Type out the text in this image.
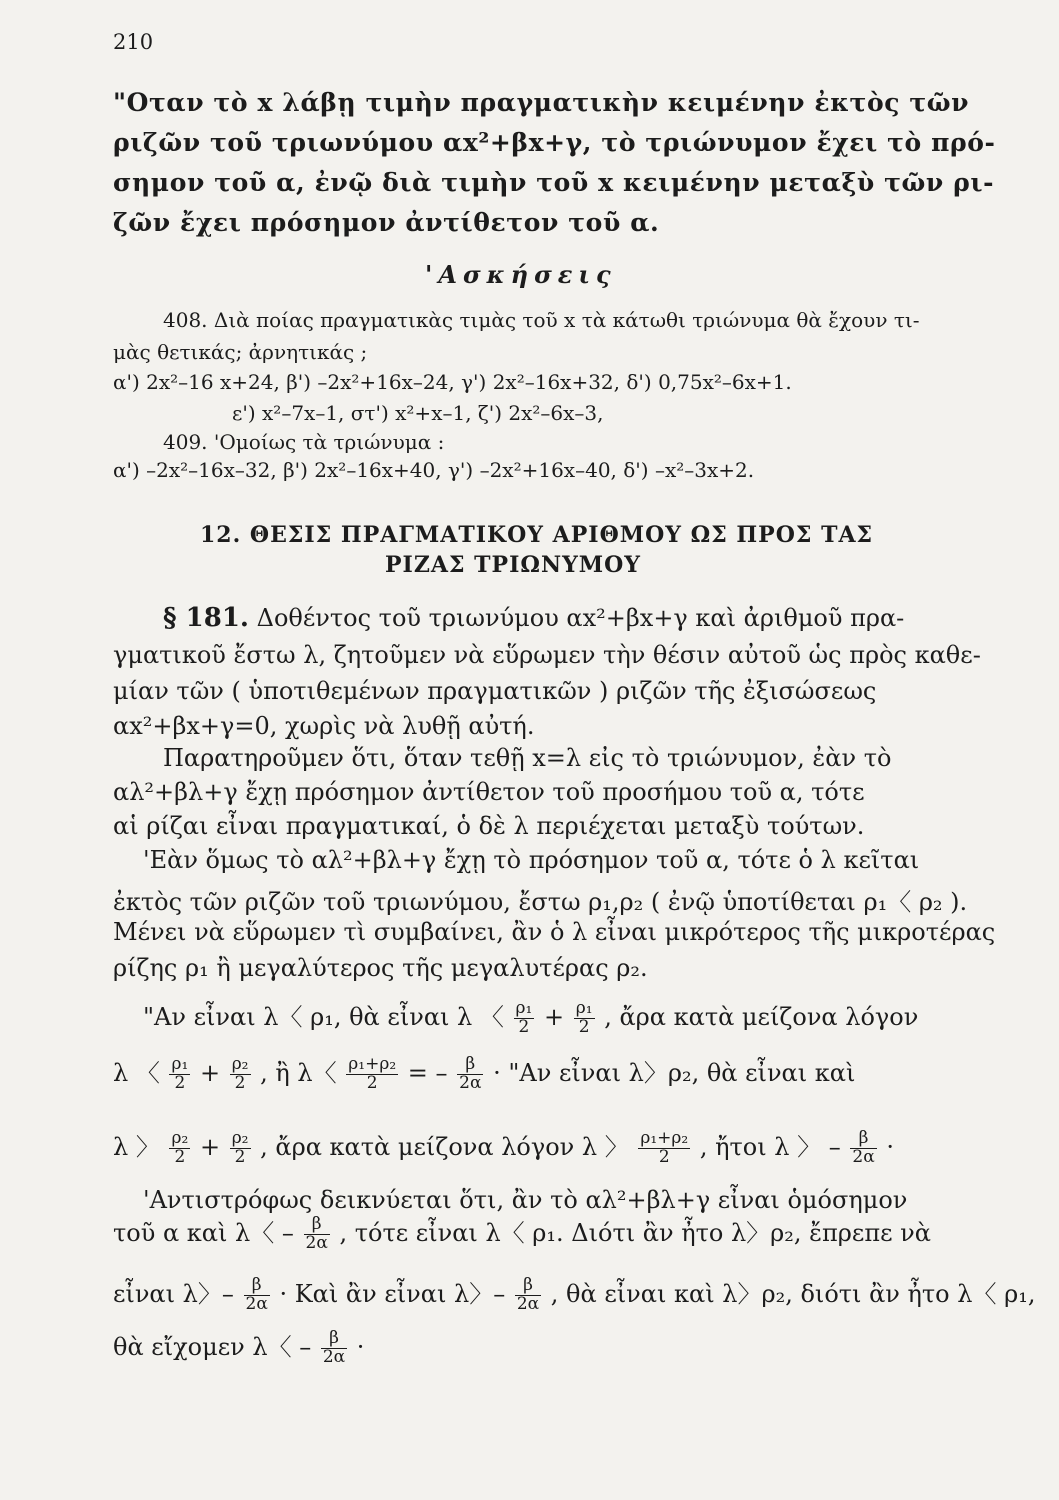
210
"Οταν τὸ x λάβῃ τιμὴν πραγματικὴν κειμένην ἐκτὸς τῶν
ριζῶν τοῦ τριωνύμου αx²+βx+γ, τὸ τριώνυμον ἔχει τὸ πρό-
σημον τοῦ α, ἐνῷ διὰ τιμὴν τοῦ x κειμένην μεταξὺ τῶν ρι-
ζῶν ἔχει πρόσημον ἀντίθετον τοῦ α.
'Ασκήσεις
408. Διὰ ποίας πραγματικὰς τιμὰς τοῦ x τὰ κάτωθι τριώνυμα θὰ ἔχουν τι-
μὰς θετικάς; ἀρνητικάς ;
α') 2x²–16 x+24, β') –2x²+16x–24, γ') 2x²–16x+32, δ') 0,75x²–6x+1.
ε') x²–7x–1, στ') x²+x–1, ζ') 2x²–6x–3,
409. 'Ομοίως τὰ τριώνυμα :
α') –2x²–16x–32, β') 2x²–16x+40, γ') –2x²+16x–40, δ') –x²–3x+2.
12. ΘΕΣΙΣ ΠΡΑΓΜΑΤΙΚΟΥ ΑΡΙΘΜΟΥ ΩΣ ΠΡΟΣ ΤΑΣ
ΡΙΖΑΣ ΤΡΙΩΝΥΜΟΥ
§ 181. Δοθέντος τοῦ τριωνύμου αx²+βx+γ καὶ ἀριθμοῦ πρα-
γματικοῦ ἔστω λ, ζητοῦμεν νὰ εὕρωμεν τὴν θέσιν αὐτοῦ ὡς πρὸς καθε-
μίαν τῶν ( ὑποτιθεμένων πραγματικῶν ) ριζῶν τῆς ἐξισώσεως
αx²+βx+γ=0, χωρὶς νὰ λυθῇ αὐτή.
Παρατηροῦμεν ὅτι, ὅταν τεθῇ x=λ εἰς τὸ τριώνυμον, ἐὰν τὸ
αλ²+βλ+γ ἔχῃ πρόσημον ἀντίθετον τοῦ προσήμου τοῦ α, τότε
αἱ ρίζαι εἶναι πραγματικαί, ὁ δὲ λ περιέχεται μεταξὺ τούτων.
'Εὰν ὅμως τὸ αλ²+βλ+γ ἔχῃ τὸ πρόσημον τοῦ α, τότε ὁ λ κεῖται
ἐκτὸς τῶν ριζῶν τοῦ τριωνύμου, ἔστω ρ₁,ρ₂ ( ἐνῷ ὑποτίθεται ρ₁〈 ρ₂ ).
Μένει νὰ εὕρωμεν τὶ συμβαίνει, ἂν ὁ λ εἶναι μικρότερος τῆς μικροτέρας
ρίζης ρ₁ ἢ μεγαλύτερος τῆς μεγαλυτέρας ρ₂.
"Αν εἶναι λ〈 ρ₁, θὰ εἶναι λ 〈 $\frac{\text{ρ₁}}{2} + \frac{\text{ρ₁}}{2}$ , ἄρα κατὰ μείζονα λόγον
λ 〈 $\frac{\text{ρ₁}}{2} + \frac{\text{ρ₂}}{2}$ , ἢ λ〈 $\frac{\text{ρ₁+ρ₂}}{2}$ = – $\frac{\beta}{2\alpha}$ · "Αν εἶναι λ〉ρ₂, θὰ εἶναι καὶ
λ 〉 $\frac{\text{ρ₂}}{2} + \frac{\text{ρ₂}}{2}$ , ἄρα κατὰ μείζονα λόγον λ 〉 $\frac{\text{ρ₁+ρ₂}}{2}$ , ἤτοι λ 〉 – $\frac{\beta}{2\alpha}$ ·
'Αντιστρόφως δεικνύεται ὅτι, ἂν τὸ αλ²+βλ+γ εἶναι ὁμόσημον
τοῦ α καὶ λ〈 – $\frac{\beta}{2\alpha}$ , τότε εἶναι λ〈 ρ₁. Διότι ἂν ἦτο λ〉ρ₂, ἔπρεπε νὰ
εἶναι λ〉– $\frac{\beta}{2\alpha}$ · Καὶ ἂν εἶναι λ〉– $\frac{\beta}{2\alpha}$ , θὰ εἶναι καὶ λ〉ρ₂, διότι ἂν ἦτο λ〈 ρ₁,
θὰ εἴχομεν λ〈 – $\frac{\beta}{2\alpha}$ ·
